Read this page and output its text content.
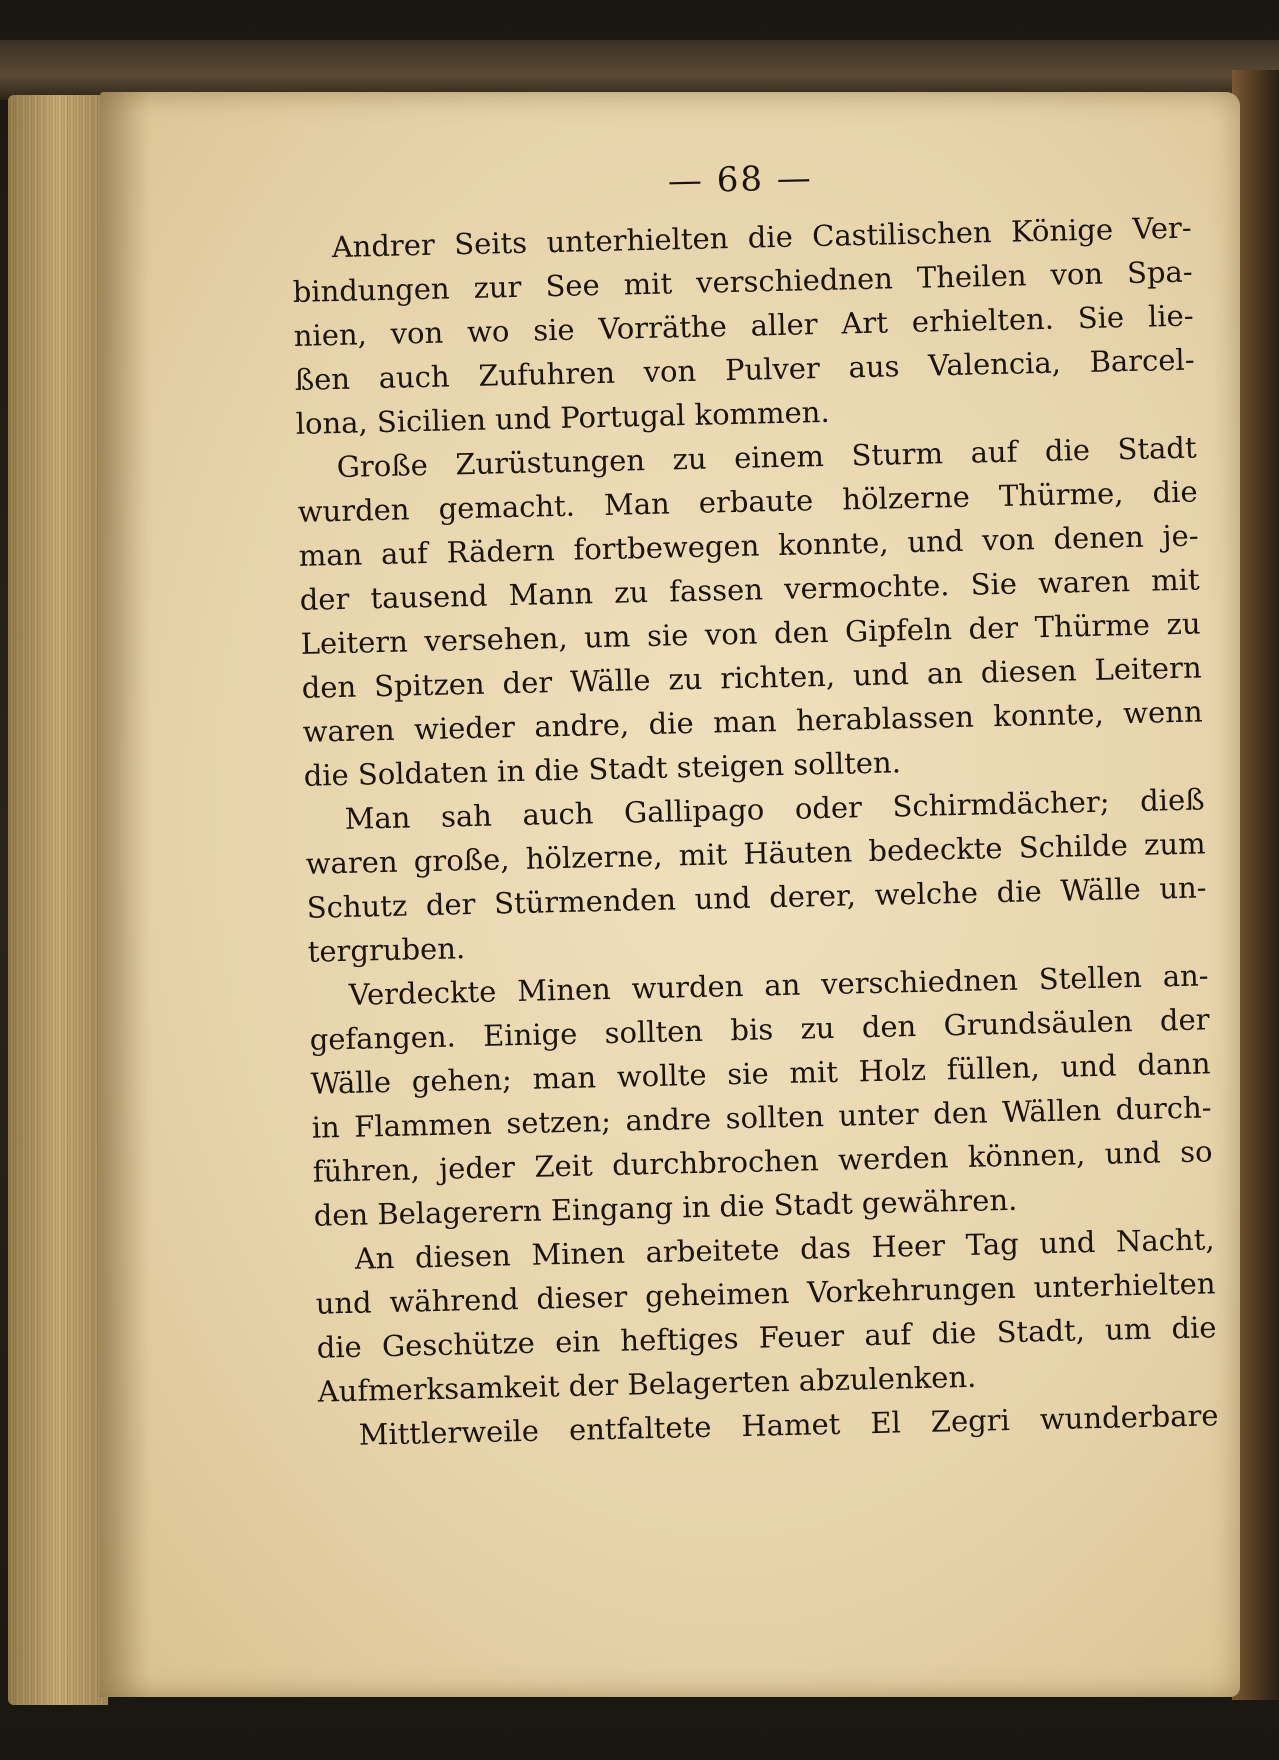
— 68 —
Andrer Seits unterhielten die Castilischen Könige Ver-
bindungen zur See mit verschiednen Theilen von Spa-
nien, von wo sie Vorräthe aller Art erhielten. Sie lie-
ßen auch Zufuhren von Pulver aus Valencia, Barcel-
lona, Sicilien und Portugal kommen.
Große Zurüstungen zu einem Sturm auf die Stadt
wurden gemacht. Man erbaute hölzerne Thürme, die
man auf Rädern fortbewegen konnte, und von denen je-
der tausend Mann zu fassen vermochte. Sie waren mit
Leitern versehen, um sie von den Gipfeln der Thürme zu
den Spitzen der Wälle zu richten, und an diesen Leitern
waren wieder andre, die man herablassen konnte, wenn
die Soldaten in die Stadt steigen sollten.
Man sah auch Gallipago oder Schirmdächer; dieß
waren große, hölzerne, mit Häuten bedeckte Schilde zum
Schutz der Stürmenden und derer, welche die Wälle un-
tergruben.
Verdeckte Minen wurden an verschiednen Stellen an-
gefangen. Einige sollten bis zu den Grundsäulen der
Wälle gehen; man wollte sie mit Holz füllen, und dann
in Flammen setzen; andre sollten unter den Wällen durch-
führen, jeder Zeit durchbrochen werden können, und so
den Belagerern Eingang in die Stadt gewähren.
An diesen Minen arbeitete das Heer Tag und Nacht,
und während dieser geheimen Vorkehrungen unterhielten
die Geschütze ein heftiges Feuer auf die Stadt, um die
Aufmerksamkeit der Belagerten abzulenken.
Mittlerweile entfaltete Hamet El Zegri wunderbare
